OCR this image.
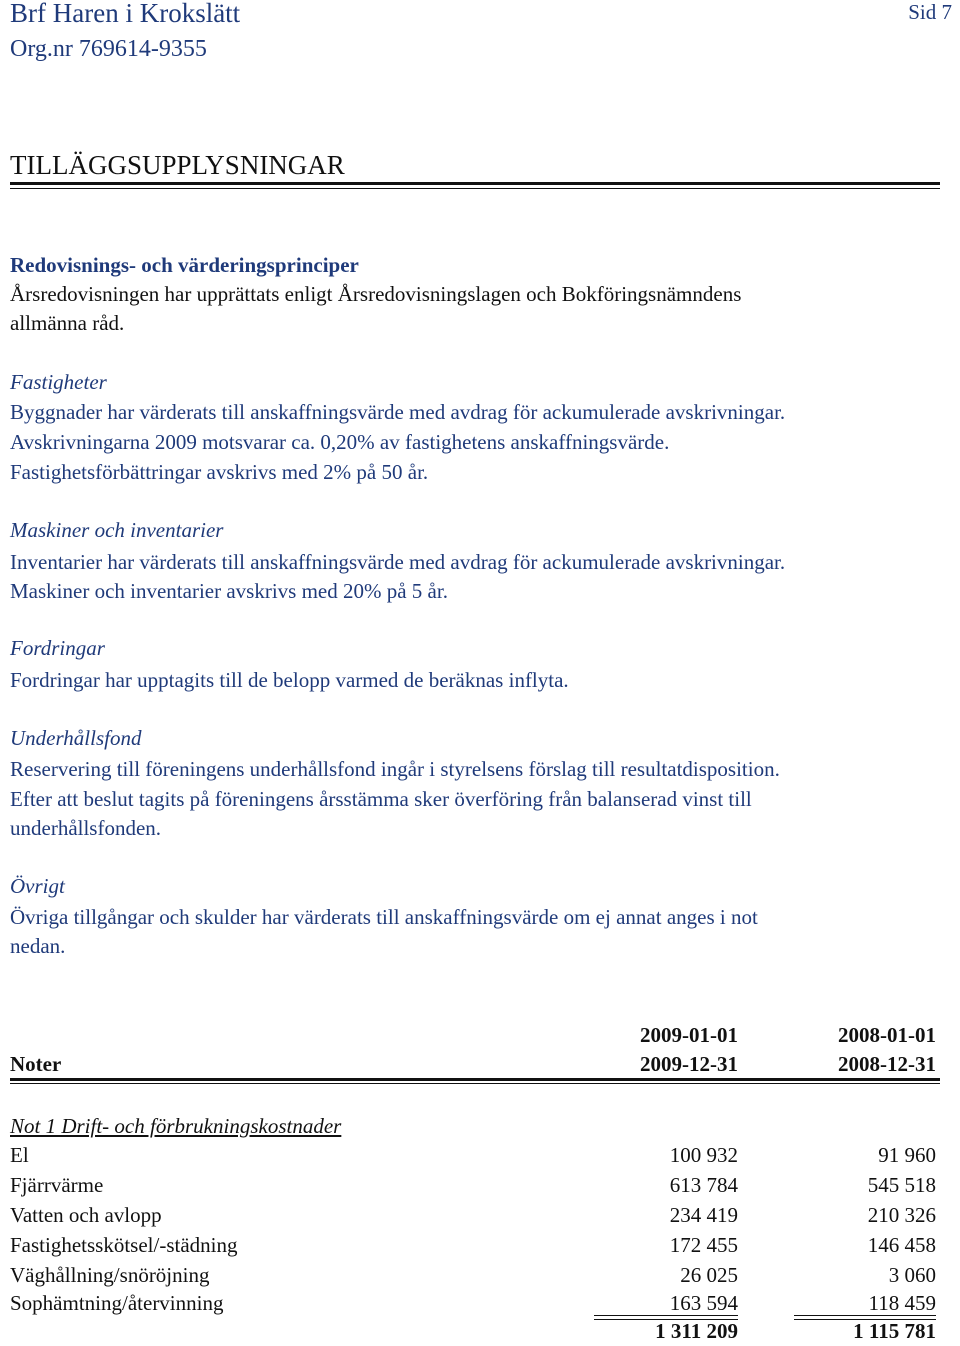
Brf Haren i Krokslätt
Org.nr 769614-9355
Sid 7
TILLÄGGSUPPLYSNINGAR
Redovisnings- och värderingsprinciper
Årsredovisningen har upprättats enligt Årsredovisningslagen och Bokföringsnämndens
allmänna råd.
Fastigheter
Byggnader har värderats till anskaffningsvärde med avdrag för ackumulerade avskrivningar.
Avskrivningarna 2009 motsvarar ca. 0,20% av fastighetens anskaffningsvärde.
Fastighetsförbättringar avskrivs med 2% på 50 år.
Maskiner och inventarier
Inventarier har värderats till anskaffningsvärde med avdrag för ackumulerade avskrivningar.
Maskiner och inventarier avskrivs med 20% på 5 år.
Fordringar
Fordringar har upptagits till de belopp varmed de beräknas inflyta.
Underhållsfond
Reservering till föreningens underhållsfond ingår i styrelsens förslag till resultatdisposition.
Efter att beslut tagits på föreningens årsstämma sker överföring från balanserad vinst till
underhållsfonden.
Övrigt
Övriga tillgångar och skulder har värderats till anskaffningsvärde om ej annat anges i not
nedan.
2009-01-01	2008-01-01
Noter	2009-12-31	2008-12-31
Not 1 Drift- och förbrukningskostnader
El	100 932	91 960
Fjärrvärme	613 784	545 518
Vatten och avlopp	234 419	210 326
Fastighetsskötsel/-städning	172 455	146 458
Väghållning/snöröjning	26 025	3 060
Sophämtning/återvinning	163 594	118 459
1 311 209	1 115 781
